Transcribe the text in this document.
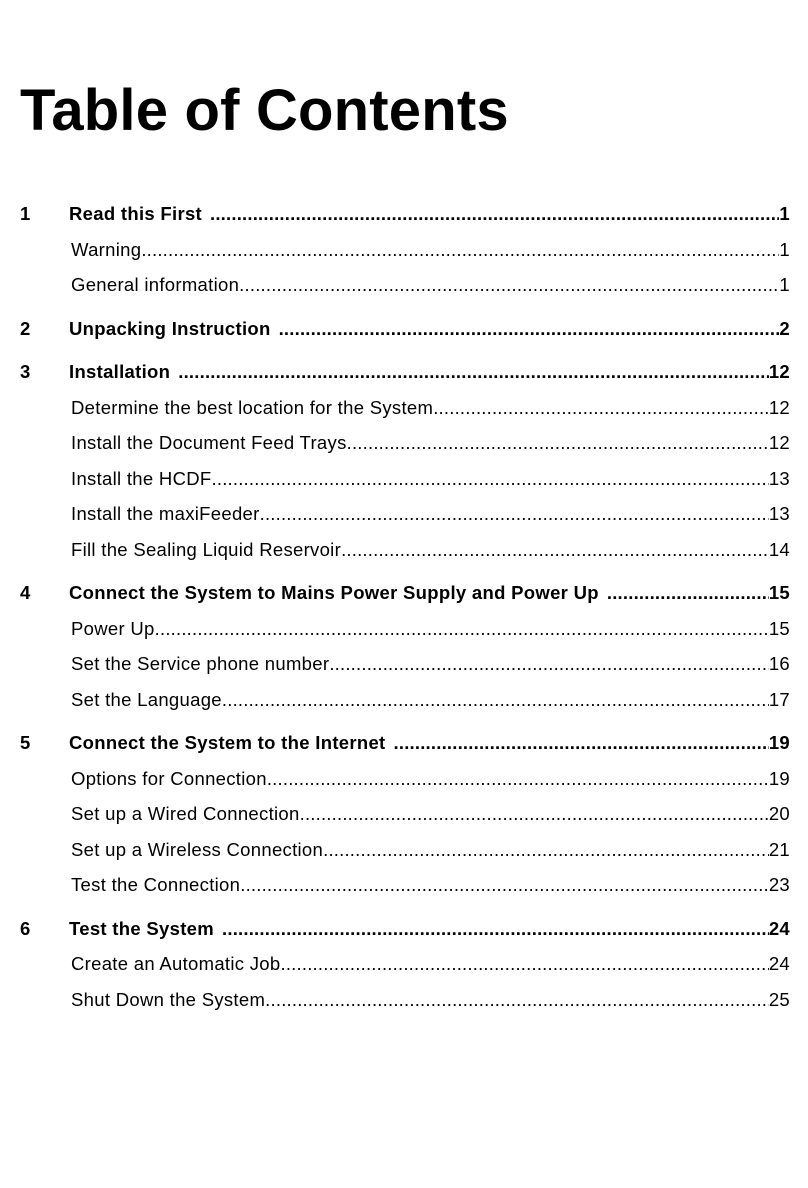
Table of Contents
1	Read this First .....	1
Warning .....	1
General information .....	1
2	Unpacking Instruction .....	2
3	Installation .....	12
Determine the best location for the System .....	12
Install the Document Feed Trays .....	12
Install the HCDF .....	13
Install the maxiFeeder .....	13
Fill the Sealing Liquid Reservoir .....	14
4	Connect the System to Mains Power Supply and Power Up .....	15
Power Up .....	15
Set the Service phone number .....	16
Set the Language .....	17
5	Connect the System to the Internet .....	19
Options for Connection .....	19
Set up a Wired Connection .....	20
Set up a Wireless Connection .....	21
Test the Connection .....	23
6	Test the System .....	24
Create an Automatic Job .....	24
Shut Down the System .....	25
